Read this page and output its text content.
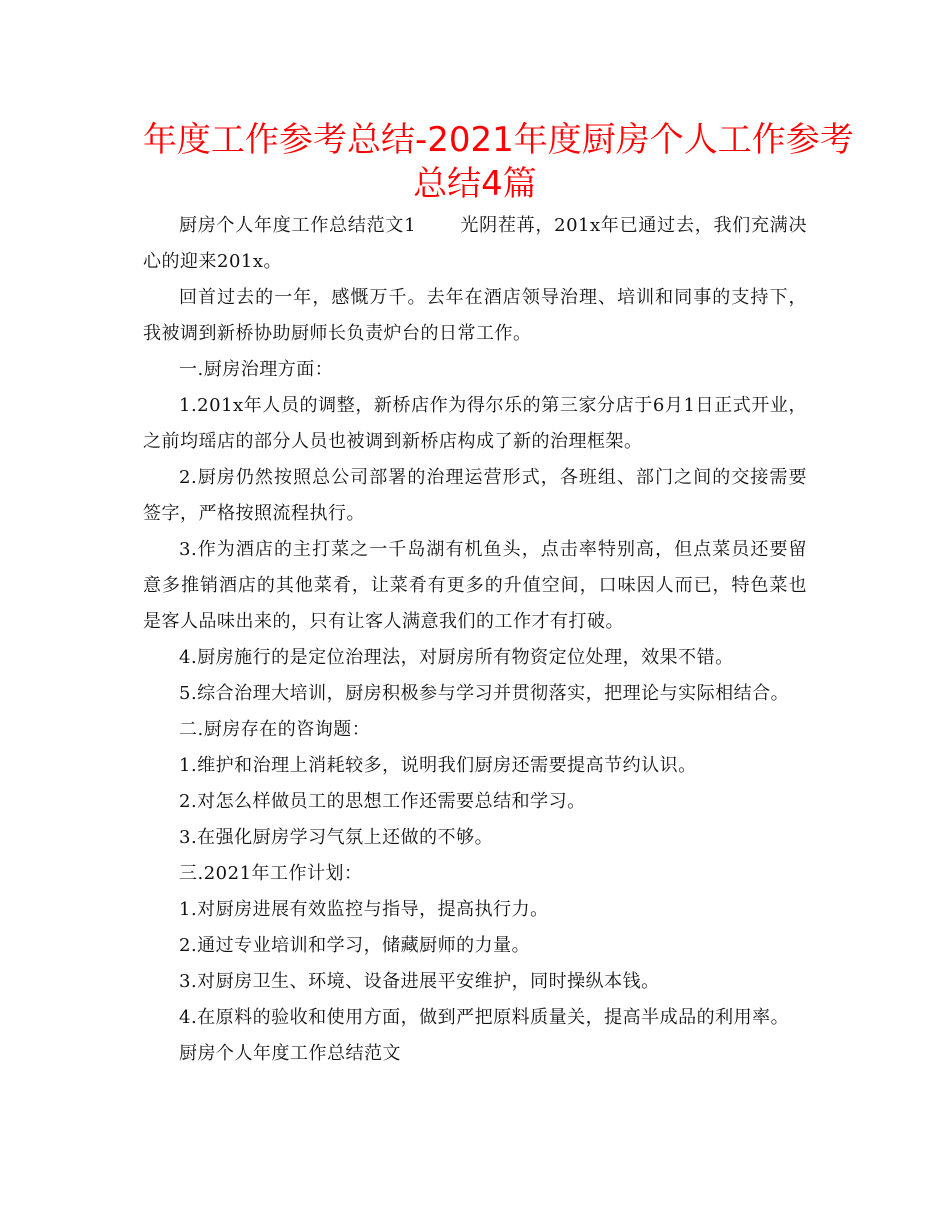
年度工作参考总结-2021年度厨房个人工作参考
总结4篇

厨房个人年度工作总结范文1 光阴茬苒，201x年已通过去，我们充满决心的迎来201x。

回首过去的一年，感慨万千。去年在酒店领导治理、培训和同事的支持下，我被调到新桥协助厨师长负责炉台的日常工作。

一.厨房治理方面：

1.201x年人员的调整，新桥店作为得尔乐的第三家分店于6月1日正式开业，之前均瑶店的部分人员也被调到新桥店构成了新的治理框架。

2.厨房仍然按照总公司部署的治理运营形式，各班组、部门之间的交接需要签字，严格按照流程执行。

3.作为酒店的主打菜之一千岛湖有机鱼头，点击率特别高，但点菜员还要留意多推销酒店的其他菜肴，让菜肴有更多的升值空间，口味因人而已，特色菜也是客人品味出来的，只有让客人满意我们的工作才有打破。

4.厨房施行的是定位治理法，对厨房所有物资定位处理，效果不错。

5.综合治理大培训，厨房积极参与学习并贯彻落实，把理论与实际相结合。

二.厨房存在的咨询题：

1.维护和治理上消耗较多，说明我们厨房还需要提高节约认识。

2.对怎么样做员工的思想工作还需要总结和学习。

3.在强化厨房学习气氛上还做的不够。

三.2021年工作计划：

1.对厨房进展有效监控与指导，提高执行力。

2.通过专业培训和学习，储藏厨师的力量。

3.对厨房卫生、环境、设备进展平安维护，同时操纵本钱。

4.在原料的验收和使用方面，做到严把原料质量关，提高半成品的利用率。

厨房个人年度工作总结范文
